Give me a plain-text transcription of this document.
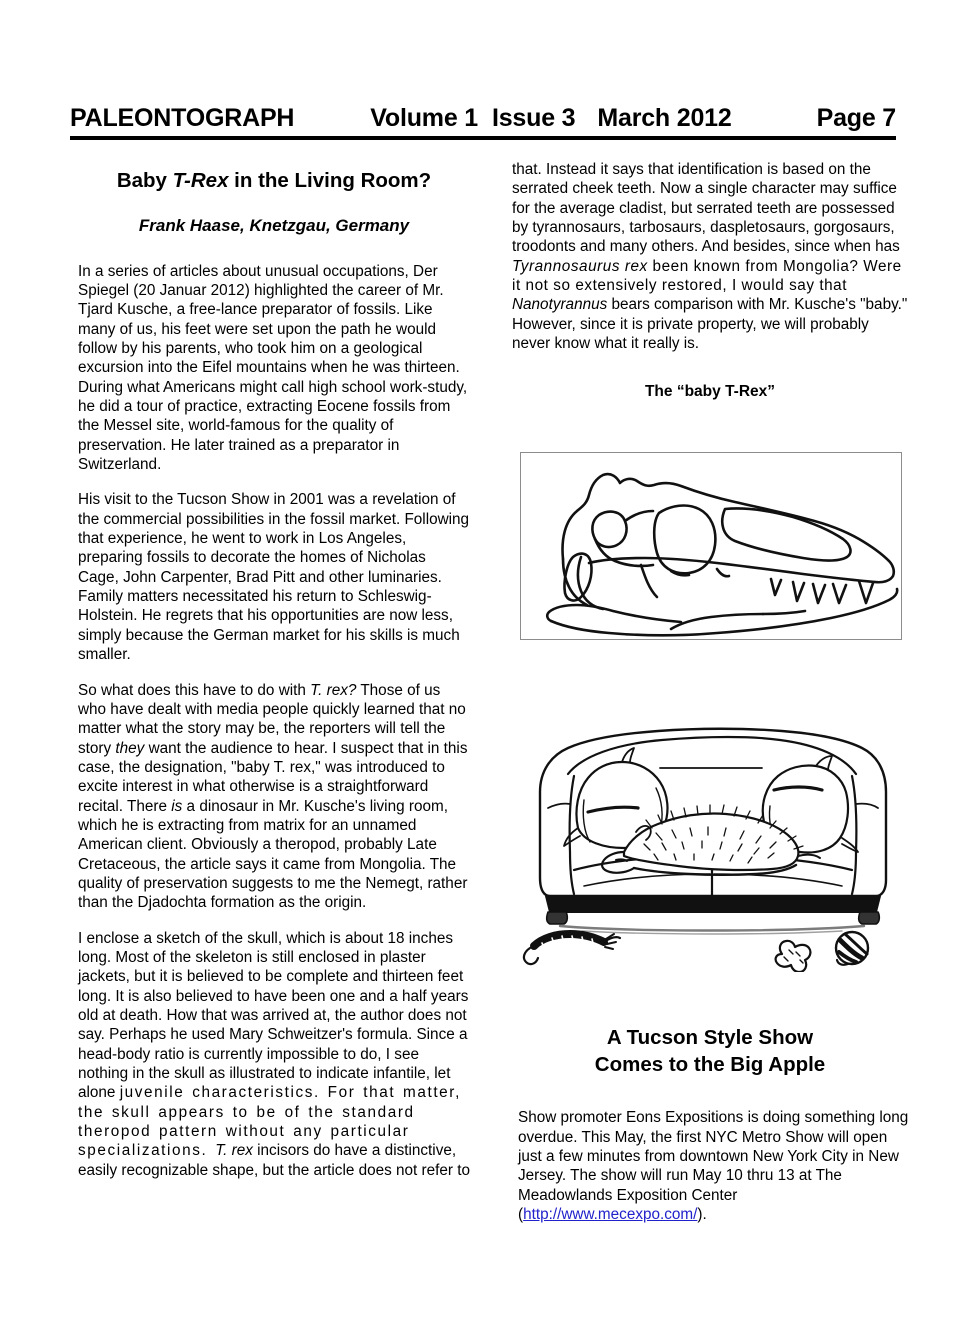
PALEONTOGRAPH	Volume 1 Issue 3 March 2012	Page 7
Baby T-Rex in the Living Room?
Frank Haase, Knetzgau, Germany

In a series of articles about unusual occupations, Der Spiegel (20 Januar 2012) highlighted the career of Mr. Tjard Kusche, a free-lance preparator of fossils. Like many of us, his feet were set upon the path he would follow by his parents, who took him on a geological excursion into the Eifel mountains when he was thirteen. During what Americans might call high school work-study, he did a tour of practice, extracting Eocene fossils from the Messel site, world-famous for the quality of preservation. He later trained as a preparator in Switzerland.

His visit to the Tucson Show in 2001 was a revelation of the commercial possibilities in the fossil market. Following that experience, he went to work in Los Angeles, preparing fossils to decorate the homes of Nicholas Cage, John Carpenter, Brad Pitt and other luminaries. Family matters necessitated his return to Schleswig-Holstein. He regrets that his opportunities are now less, simply because the German market for his skills is much smaller.

So what does this have to do with T. rex? Those of us who have dealt with media people quickly learned that no matter what the story may be, the reporters will tell the story they want the audience to hear. I suspect that in this case, the designation, "baby T. rex," was introduced to excite interest in what otherwise is a straightforward recital. There is a dinosaur in Mr. Kusche's living room, which he is extracting from matrix for an unnamed American client. Obviously a theropod, probably Late Cretaceous, the article says it came from Mongolia. The quality of preservation suggests to me the Nemegt, rather than the Djadochta formation as the origin.

I enclose a sketch of the skull, which is about 18 inches long. Most of the skeleton is still enclosed in plaster jackets, but it is believed to be complete and thirteen feet long. It is also believed to have been one and a half years old at death. How that was arrived at, the author does not say. Perhaps he used Mary Schweitzer's formula. Since a head-body ratio is currently impossible to do, I see nothing in the skull as illustrated to indicate infantile, let alone juvenile characteristics. For that matter, the skull appears to be of the standard theropod pattern without any particular specializations. T. rex incisors do have a distinctive, easily recognizable shape, but the article does not refer to

that. Instead it says that identification is based on the serrated cheek teeth. Now a single character may suffice for the average cladist, but serrated teeth are possessed by tyrannosaurs, tarbosaurs, daspletosaurs, gorgosaurs, troodonts and many others. And besides, since when has Tyrannosaurus rex been known from Mongolia? Were it not so extensively restored, I would say that Nanotyrannus bears comparison with Mr. Kusche's "baby." However, since it is private property, we will probably never know what it really is.

The “baby T-Rex”
A Tucson Style Show
Comes to the Big Apple

Show promoter Eons Expositions is doing something long overdue. This May, the first NYC Metro Show will open just a few minutes from downtown New York City in New Jersey. The show will run May 10 thru 13 at The Meadowlands Exposition Center (http://www.mecexpo.com/).
